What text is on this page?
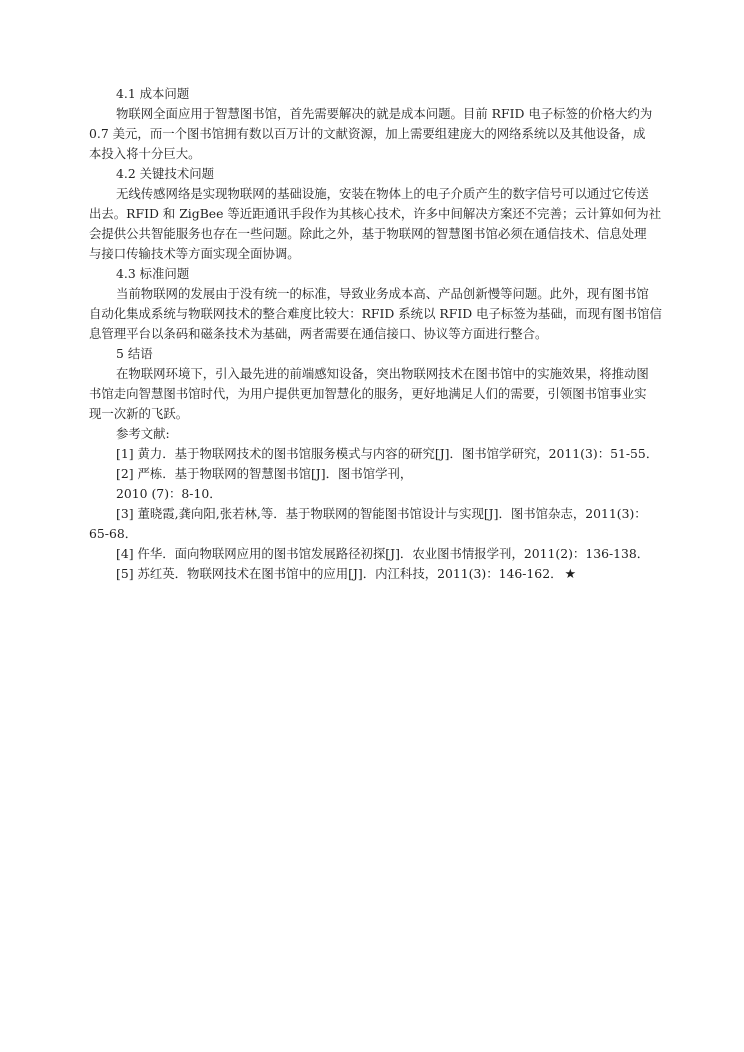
4.1 成本问题
物联网全面应用于智慧图书馆，首先需要解决的就是成本问题。目前 RFID 电子标签的价格大约为
0.7 美元，而一个图书馆拥有数以百万计的文献资源，加上需要组建庞大的网络系统以及其他设备，成
本投入将十分巨大。
4.2 关键技术问题
无线传感网络是实现物联网的基础设施，安装在物体上的电子介质产生的数字信号可以通过它传送
出去。RFID 和 ZigBee 等近距通讯手段作为其核心技术，许多中间解决方案还不完善；云计算如何为社
会提供公共智能服务也存在一些问题。除此之外，基于物联网的智慧图书馆必须在通信技术、信息处理
与接口传输技术等方面实现全面协调。
4.3 标准问题
当前物联网的发展由于没有统一的标准，导致业务成本高、产品创新慢等问题。此外，现有图书馆
自动化集成系统与物联网技术的整合难度比较大：RFID 系统以 RFID 电子标签为基础，而现有图书馆信
息管理平台以条码和磁条技术为基础，两者需要在通信接口、协议等方面进行整合。
5 结语
在物联网环境下，引入最先进的前端感知设备，突出物联网技术在图书馆中的实施效果，将推动图
书馆走向智慧图书馆时代，为用户提供更加智慧化的服务，更好地满足人们的需要，引领图书馆事业实
现一次新的飞跃。
参考文献:
[1] 黄力．基于物联网技术的图书馆服务模式与内容的研究[J]．图书馆学研究，2011(3)：51-55．
[2] 严栋．基于物联网的智慧图书馆[J]．图书馆学刊，
2010 (7)：8-10．
[3] 董晓霞,龚向阳,张若林,等．基于物联网的智能图书馆设计与实现[J]．图书馆杂志，2011(3)：
65-68．
[4] 仵华．面向物联网应用的图书馆发展路径初探[J]．农业图书情报学刊，2011(2)：136-138．
[5] 苏红英．物联网技术在图书馆中的应用[J]．内江科技，2011(3)：146-162． ★
